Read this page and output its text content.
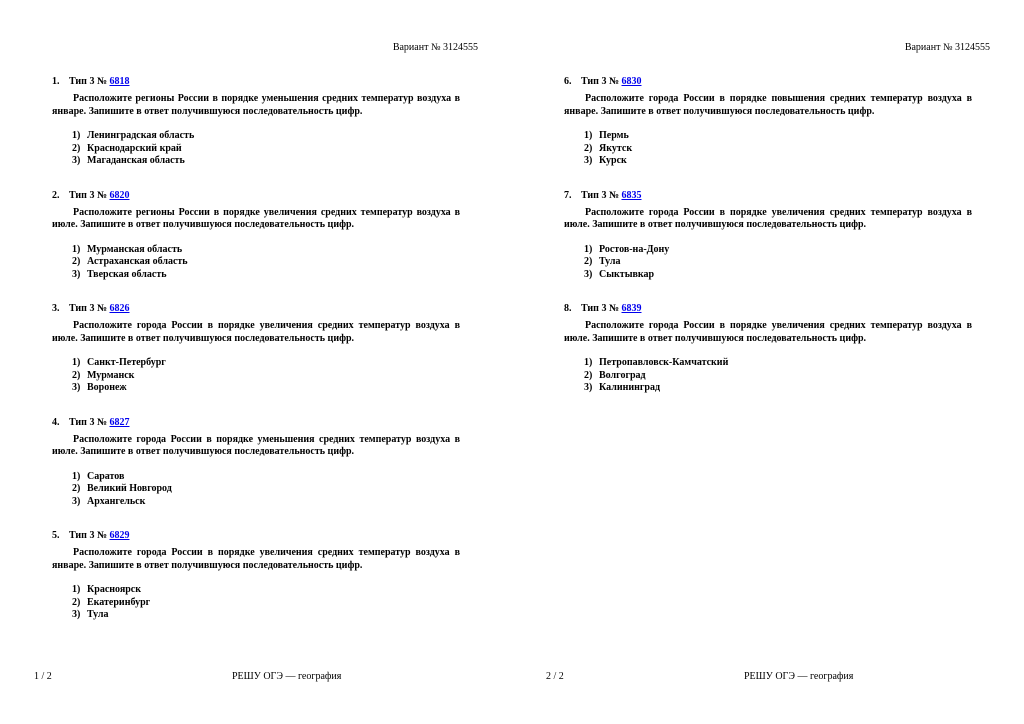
Вариант № 3124555
1. Тип 3 № 6818
Расположите регионы России в порядке уменьшения средних температур воздуха в январе. Запишите в ответ получившуюся последовательность цифр.
1) Ленинградская область
2) Краснодарский край
3) Магаданская область
2. Тип 3 № 6820
Расположите регионы России в порядке увеличения средних температур воздуха в июле. Запишите в ответ получившуюся последовательность цифр.
1) Мурманская область
2) Астраханская область
3) Тверская область
3. Тип 3 № 6826
Расположите города России в порядке увеличения средних температур воздуха в июле. Запишите в ответ получившуюся последовательность цифр.
1) Санкт-Петербург
2) Мурманск
3) Воронеж
4. Тип 3 № 6827
Расположите города России в порядке уменьшения средних температур воздуха в июле. Запишите в ответ получившуюся последовательность цифр.
1) Саратов
2) Великий Новгород
3) Архангельск
5. Тип 3 № 6829
Расположите города России в порядке увеличения средних температур воздуха в январе. Запишите в ответ получившуюся последовательность цифр.
1) Красноярск
2) Екатеринбург
3) Тула
1 / 2	РЕШУ ОГЭ — география
Вариант № 3124555
6. Тип 3 № 6830
Расположите города России в порядке повышения средних температур воздуха в январе. Запишите в ответ получившуюся последовательность цифр.
1) Пермь
2) Якутск
3) Курск
7. Тип 3 № 6835
Расположите города России в порядке увеличения средних температур воздуха в июле. Запишите в ответ получившуюся последовательность цифр.
1) Ростов-на-Дону
2) Тула
3) Сыктывкар
8. Тип 3 № 6839
Расположите города России в порядке увеличения средних температур воздуха в июле. Запишите в ответ получившуюся последовательность цифр.
1) Петропавловск-Камчатский
2) Волгоград
3) Калининград
2 / 2	РЕШУ ОГЭ — география
